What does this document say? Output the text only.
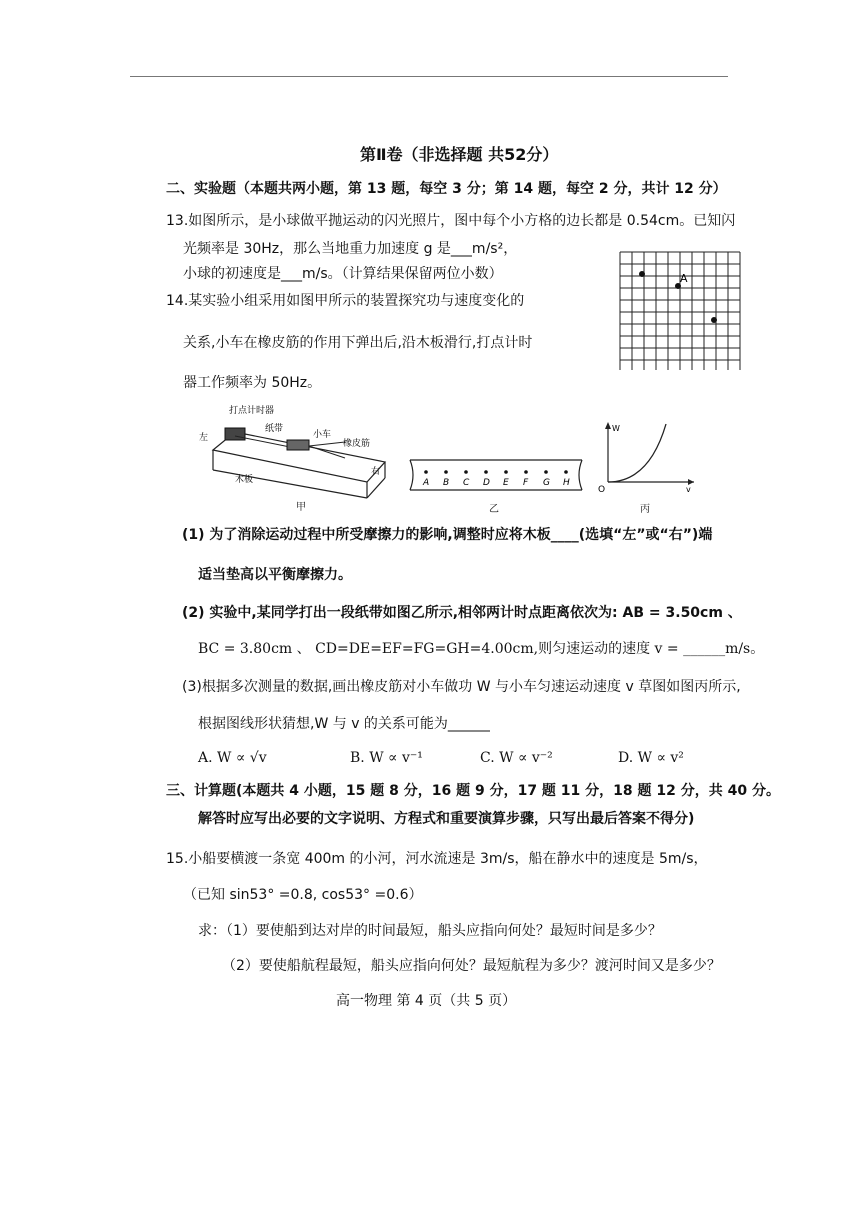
第Ⅱ卷（非选择题 共52分）
二、实验题（本题共两小题，第 13 题，每空 3 分；第 14 题，每空 2 分，共计 12 分）
13.如图所示，是小球做平抛运动的闪光照片，图中每个小方格的边长都是 0.54cm。已知闪
光频率是 30Hz，那么当地重力加速度 g 是___m/s²，
小球的初速度是___m/s。（计算结果保留两位小数）	A
14.某实验小组采用如图甲所示的装置探究功与速度变化的
关系,小车在橡皮筋的作用下弹出后,沿木板滑行,打点计时
器工作频率为 50Hz。
打点计时器
纸带
小车
橡皮筋
左
右
木板
甲
A B C D E F G H
乙
W
v
O
丙
(1) 为了消除运动过程中所受摩擦力的影响,调整时应将木板____(选填“左”或“右”)端
适当垫高以平衡摩擦力。
(2) 实验中,某同学打出一段纸带如图乙所示,相邻两计时点距离依次为: AB = 3.50cm 、
BC = 3.80cm 、 CD=DE=EF=FG=GH=4.00cm,则匀速运动的速度 v = ______m/s。
(3)根据多次测量的数据,画出橡皮筋对小车做功 W 与小车匀速运动速度 v 草图如图丙所示,
根据图线形状猜想,W 与 v 的关系可能为______
A. W ∝ √v	B. W ∝ v⁻¹	C. W ∝ v⁻²	D. W ∝ v²
三、计算题(本题共 4 小题，15 题 8 分，16 题 9 分，17 题 11 分，18 题 12 分，共 40 分。
解答时应写出必要的文字说明、方程式和重要演算步骤，只写出最后答案不得分)
15.小船要横渡一条宽 400m 的小河，河水流速是 3m/s，船在静水中的速度是 5m/s，
（已知 sin53° =0.8, cos53° =0.6）
求：（1）要使船到达对岸的时间最短，船头应指向何处？最短时间是多少？
（2）要使船航程最短，船头应指向何处？最短航程为多少？渡河时间又是多少？
高一物理 第 4 页（共 5 页）
